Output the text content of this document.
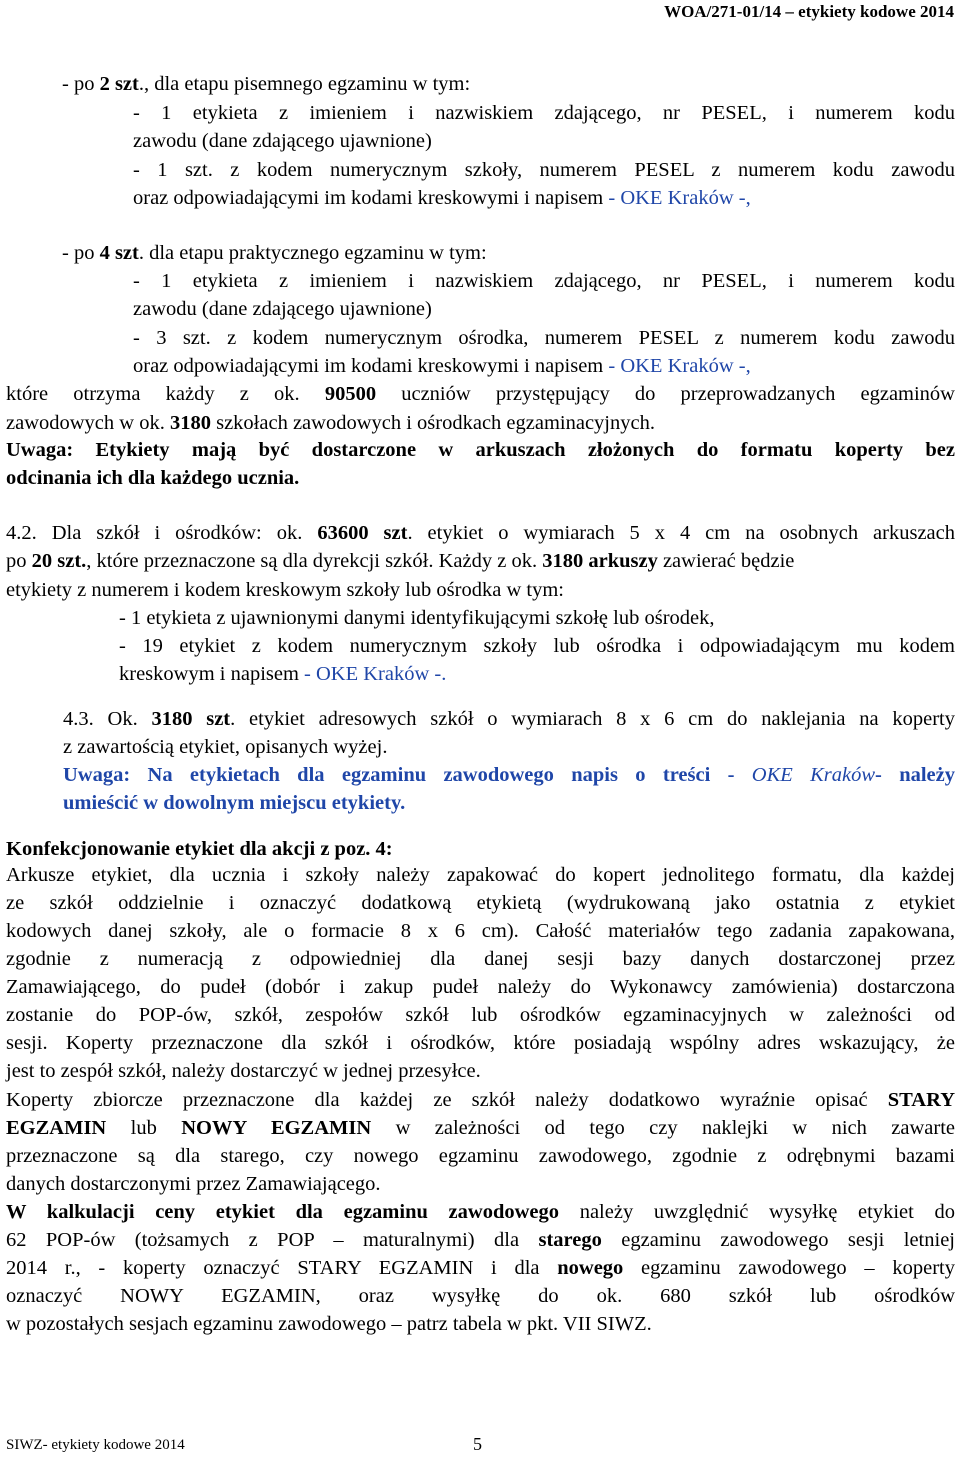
WOA/271-01/14 – etykiety kodowe 2014
- po 2 szt., dla etapu pisemnego egzaminu w tym:
- 1 etykieta z imieniem i nazwiskiem zdającego, nr PESEL, i numerem kodu
zawodu (dane zdającego ujawnione)
- 1 szt. z kodem numerycznym szkoły, numerem PESEL z numerem kodu zawodu
oraz odpowiadającymi im kodami kreskowymi i napisem - OKE Kraków -,
- po 4 szt. dla etapu praktycznego egzaminu w tym:
- 1 etykieta z imieniem i nazwiskiem zdającego, nr PESEL, i numerem kodu
zawodu (dane zdającego ujawnione)
- 3 szt. z kodem numerycznym ośrodka, numerem PESEL z numerem kodu zawodu
oraz odpowiadającymi im kodami kreskowymi i napisem - OKE Kraków -,
które otrzyma każdy z ok. 90500 uczniów przystępujący do przeprowadzanych egzaminów
zawodowych w ok. 3180 szkołach zawodowych i ośrodkach egzaminacyjnych.
Uwaga: Etykiety mają być dostarczone w arkuszach złożonych do formatu koperty bez
odcinania ich dla każdego ucznia.
4.2. Dla szkół i ośrodków: ok. 63600 szt. etykiet o wymiarach 5 x 4 cm na osobnych arkuszach
po 20 szt., które przeznaczone są dla dyrekcji szkół. Każdy z ok. 3180 arkuszy zawierać będzie
etykiety z numerem i kodem kreskowym szkoły lub ośrodka w tym:
- 1 etykieta z ujawnionymi danymi identyfikującymi szkołę lub ośrodek,
- 19 etykiet z kodem numerycznym szkoły lub ośrodka i odpowiadającym mu kodem
kreskowym i napisem - OKE Kraków -.
4.3. Ok. 3180 szt. etykiet adresowych szkół o wymiarach 8 x 6 cm do naklejania na koperty
z zawartością etykiet, opisanych wyżej.
Uwaga: Na etykietach dla egzaminu zawodowego napis o treści - OKE Kraków- należy
umieścić w dowolnym miejscu etykiety.
Konfekcjonowanie etykiet dla akcji z poz. 4:
Arkusze etykiet, dla ucznia i szkoły należy zapakować do kopert jednolitego formatu, dla każdej
ze szkół oddzielnie i oznaczyć dodatkową etykietą (wydrukowaną jako ostatnia z etykiet
kodowych danej szkoły, ale o formacie 8 x 6 cm). Całość materiałów tego zadania zapakowana,
zgodnie z numeracją z odpowiedniej dla danej sesji bazy danych dostarczonej przez
Zamawiającego, do pudeł (dobór i zakup pudeł należy do Wykonawcy zamówienia) dostarczona
zostanie do POP-ów, szkół, zespołów szkół lub ośrodków egzaminacyjnych w zależności od
sesji. Koperty przeznaczone dla szkół i ośrodków, które posiadają wspólny adres wskazujący, że
jest to zespół szkół, należy dostarczyć w jednej przesyłce.
Koperty zbiorcze przeznaczone dla każdej ze szkół należy dodatkowo wyraźnie opisać STARY
EGZAMIN lub NOWY EGZAMIN w zależności od tego czy naklejki w nich zawarte
przeznaczone są dla starego, czy nowego egzaminu zawodowego, zgodnie z odrębnymi bazami
danych dostarczonymi przez Zamawiającego.
W kalkulacji ceny etykiet dla egzaminu zawodowego należy uwzględnić wysyłkę etykiet do
62 POP-ów (tożsamych z POP – maturalnymi) dla starego egzaminu zawodowego sesji letniej
2014 r., - koperty oznaczyć STARY EGZAMIN i dla nowego egzaminu zawodowego – koperty
oznaczyć NOWY EGZAMIN, oraz wysyłkę do ok. 680 szkół lub ośrodków
w pozostałych sesjach egzaminu zawodowego – patrz tabela w pkt. VII SIWZ.
SIWZ- etykiety kodowe 2014	5
